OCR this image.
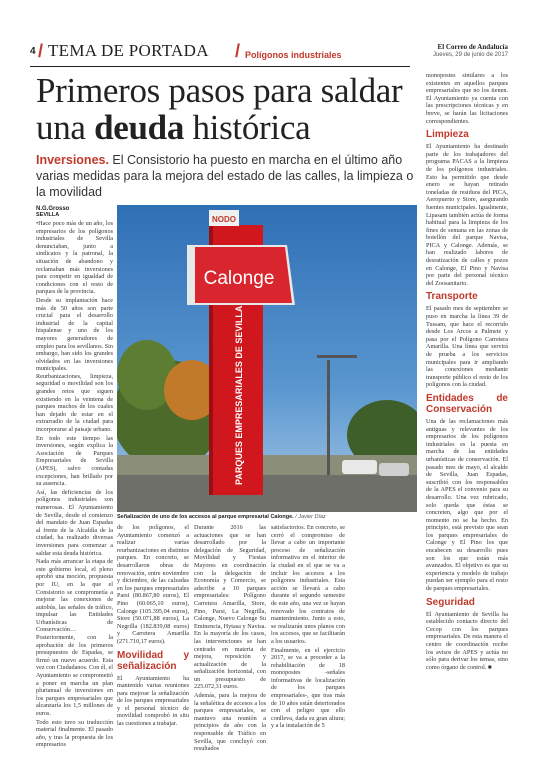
4 / TEMA DE PORTADA / Polígonos industriales
El Correo de Andalucía
Jueves, 29 de junio de 2017
Primeros pasos para saldar una deuda histórica

Inversiones. El Consistorio ha puesto en marcha en el último año varias medidas para la mejora del estado de las calles, la limpieza o la movilidad

N.G.Grosso
SEVILLA

•Hace poco más de un año, los empresarios de los polígonos industriales de Sevilla denunciaban, junto a sindicatos y la patronal, la situación de abandono y reclamaban más inversiones para competir en igualdad de condiciones con el resto de parques de la provincia.

Desde su implantación hace más de 50 años son parte crucial para el desarrollo industrial de la capital hispalense y uno de los mayores generadores de empleo para los sevillanos. Sin embargo, han sido los grandes olvidados en las inversiones municipales. Reurbanizaciones, limpieza, seguridad o movilidad son los grandes retos que siguen existiendo en la veintena de parques muchos de los cuales han dejado de estar en el extrarradio de la ciudad para incorporarse al paisaje urbano.

En todo este tiempo las inversiones, según explica la Asociación de Parques Empresariales de Sevilla (APES), salvo contadas excepciones, han brillado por su ausencia.

Así, las deficiencias de los polígonos industriales son numerosas. El Ayuntamiento de Sevilla, desde el comienzo del mandato de Juan Espadas al frente de la Alcaldía de la ciudad, ha realizado diversas inversiones para comenzar a saldar esta deuda histórica.

Nada más arrancar la etapa de este gobierno local, el pleno aprobó una moción, propuesta por IU, en la que el Consistorio se comprometía a mejorar las conexiones de autobús, las señales de tráfico, impulsar las Entidades Urbanísticas de Conservación… Posteriormente, con la aprobación de los primeros presupuestos de Espadas, se firmó un nuevo acuerdo. Esta vez con Ciudadanos. Con él, el Ayuntamiento se comprometió a poner en marcha un plan plurianual de inversiones en los parques empresariales que alcanzaría los 1,5 millones de euros.

Todo esto tuvo su traducción material finalmente. El pasado año, y tras la propuesta de los empresarios

NODO
Calonge
PARQUES EMPRESARIALES DE SEVILLA
Señalización de uno de los accesos al parque empresarial Calonge. / Javier Díaz

de los polígonos, el Ayuntamiento comenzó a realizar varias reurbanizaciones en distintos parques. En concreto, se desarrollaron obras de renovación, entre noviembre y diciembre, de las calzadas en los parques empresariales Parsi (80.867,80 euros), El Pino (60.065,10 euros), Calonge (105.395,04 euros), Store (50.071,88 euros), La Negrilla (182.839,08 euros) y Carretera Amarilla (271.710,17 euros).

Movilidad y señalización

El Ayuntamiento ha mantenido varias reuniones para mejorar la señalización de los parques empresariales y el personal técnico de movilidad comprobó in situ las cuestiones a trabajar.

Durante 2016 las actuaciones que se han desarrollado por la delegación de Seguridad, Movilidad y Fiestas Mayores en coordinación con la delegación de Economía y Comercio, se adscribe a 10 parques empresariales: Polígono Carretera Amarilla, Store, Pino, Parsi, La Negrilla, Calonge, Nuevo Calonge Su Eminencia, Hytasa y Navisa. En la mayoría de los casos, las intervenciones se han centrado en materia de mejora, reposición y actualización de la señalización horizontal, con un presupuesto de 225.072,31 euros.

Además, para la mejora de la señalética de accesos a los parques empresariales, se mantuvo una reunión a principios de año con la responsable de Tráfico en Sevilla, que concluyó con resultados

satisfactorios. En concreto, se cerró el compromiso de llevar a cabo un importante proceso de señalización informativa en el interior de la ciudad en el que se va a incluir los accesos a los polígonos industriales. Esta acción se llevará a cabo durante el segundo semestre de este año, una vez se hayan renovado los contratos de mantenimiento. Junto a esto, se realizarán unos planos con los accesos, que se facilitarán a los usuarios.

Finalmente, en el ejercicio 2017, se va a proceder a la rehabilitación de 18 monopostes -señales informativas de localización de los parques empresariales-, que tras más de 10 años están deteriorados con el peligro que ello conlleva, dada su gran altura; y a la instalación de 5

monopostes similares a los existentes en aquellos parques empresariales que no los tienen. El Ayuntamiento ya cuenta con las prescripciones técnicas y en breve, se harán las licitaciones correspondientes.

Limpieza

El Ayuntamiento ha destinado parte de los trabajadores del programa PACAS a la limpieza de los polígonos industriales. Esto ha permitido que desde enero se hayan retirado toneladas de residuos del PICA, Aeropuerto y Store, asegurando fuentes municipales. Igualmente, Lipasam también actúa de forma habitual para la limpieza de los fines de semana en las zonas de botellón del parque Navisa, PICA y Calonge. Además, se han realizado labores de desratización de calles y pozos en Calonge, El Pino y Navisa por parte del personal técnico del Zoosanitario.

Transporte

El pasado mes de septiembre se puso en marcha la línea 39 de Tussam, que hace el recorrido desde Los Arcos a Palmete y pasa por el Polígono Carretera Amarilla. Una línea que servirá de prueba a los servicios municipales para ir ampliando las conexiones mediante transporte público el resto de los polígonos con la ciudad.

Entidades de Conservación

Una de las reclamaciones más antiguas y relevantes de los empresarios de los polígonos industriales es la puesta en marcha de las entidades urbanísticas de conservación. El pasado mes de mayo, el alcalde de Sevilla, Juan Espadas, suscribió con los responsables de la APES el convenio para su desarrollo. Una vez rubricado, solo queda que éstas se concreten, algo que por el momento no se ha hecho. En principio, está previsto que sean los parques empresariales de Calonge y El Pino los que encabecen su desarrollo pues son los que están más avanzados. El objetivo es que su experiencia y modelo de trabajo puedan ser ejemplo para el resto de parques empresariales.

Seguridad

El Ayuntamiento de Sevilla ha establecido contacto directo del Cecop con los parques empresariales. De esta manera el centro de coordinación recibe los avisos de APES y actúa no sólo para derivar los temas, sino como órgano de control. ■
